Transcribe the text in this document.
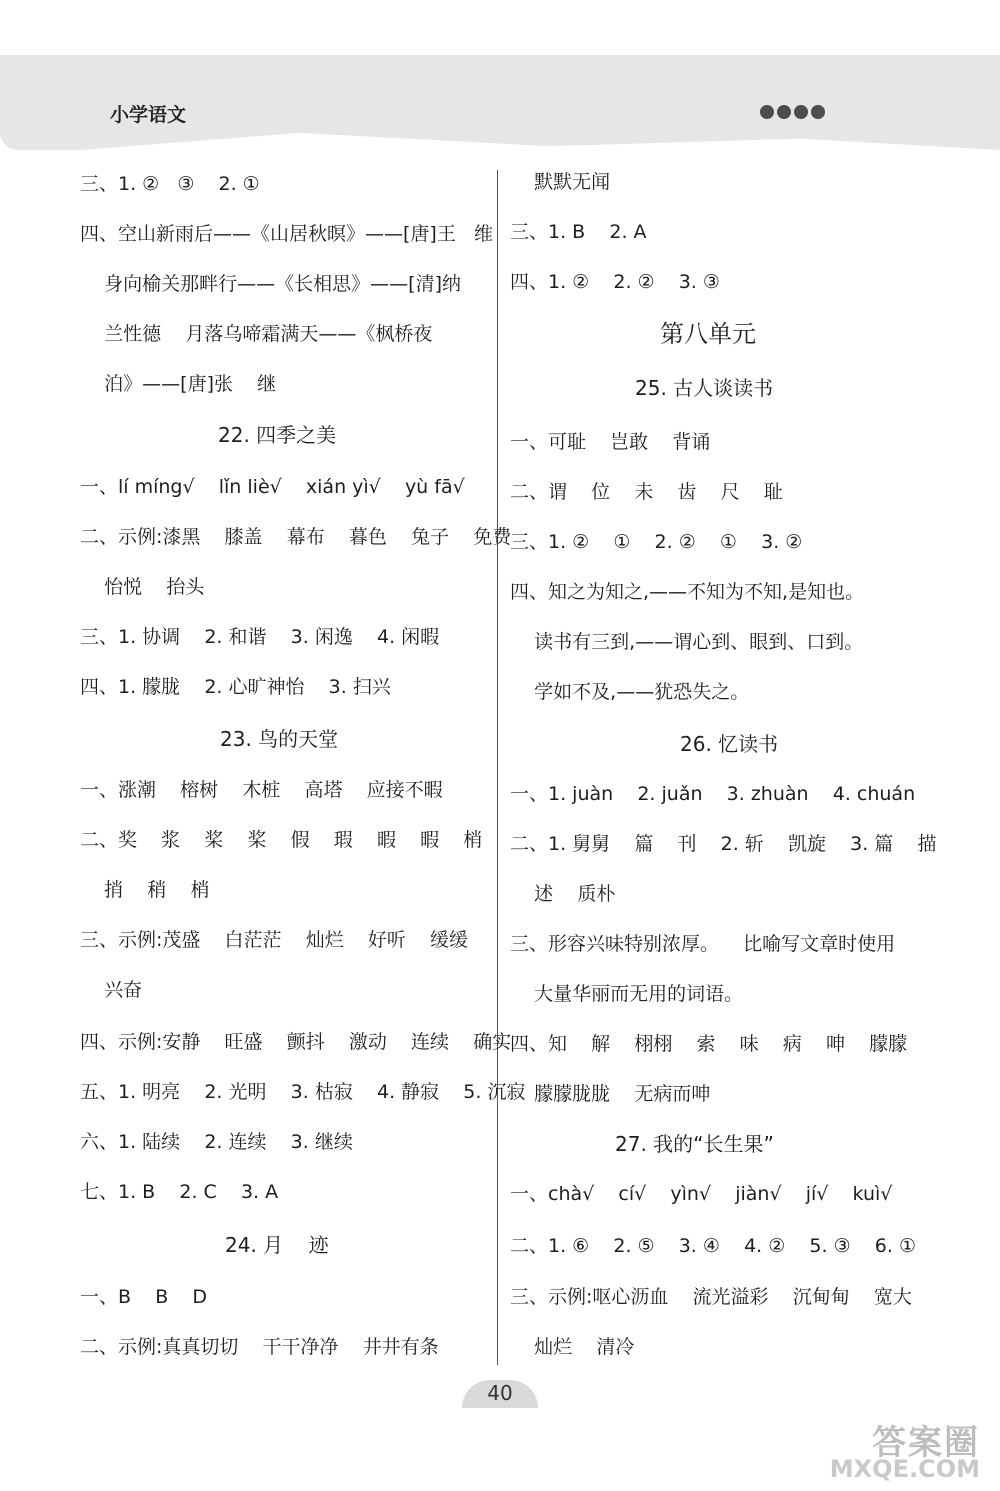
小学语文
三、1. ②   ③    2. ①
四、空山新雨后——《山居秋暝》——[唐]王   维
身向榆关那畔行——《长相思》——[清]纳
兰性德    月落乌啼霜满天——《枫桥夜
泊》——[唐]张    继
22. 四季之美
一、lí míng√    lǐn liè√    xián yì√    yù fā√
二、示例:漆黑    膝盖    幕布    暮色    兔子    免费
怡悦    抬头
三、1. 协调    2. 和谐    3. 闲逸    4. 闲暇
四、1. 朦胧    2. 心旷神怡    3. 扫兴
23. 鸟的天堂
一、涨潮    榕树    木桩    高塔    应接不暇
二、奖    浆    桨    桨    假    瑕    暇    暇    梢
捎    稍    梢
三、示例:茂盛    白茫茫    灿烂    好听    缓缓
兴奋
四、示例:安静    旺盛    颤抖    激动    连续    确实
五、1. 明亮    2. 光明    3. 枯寂    4. 静寂    5. 沉寂
六、1. 陆续    2. 连续    3. 继续
七、1. B    2. C    3. A
24. 月    迹
一、B    B    D
二、示例:真真切切    干干净净    井井有条
默默无闻
三、1. B    2. A
四、1. ②    2. ②    3. ③
第八单元
25. 古人谈读书
一、可耻    岂敢    背诵
二、谓    位    未    齿    尺    耻
三、1. ②    ①    2. ②    ①    3. ②
四、知之为知之,——不知为不知,是知也。
读书有三到,——谓心到、眼到、口到。
学如不及,——犹恐失之。
26. 忆读书
一、1. juàn    2. juǎn    3. zhuàn    4. chuán
二、1. 舅舅    篇    刊    2. 斩    凯旋    3. 篇    描
述    质朴
三、形容兴味特别浓厚。    比喻写文章时使用
大量华丽而无用的词语。
四、知    解    栩栩    索    味    病    呻    朦朦
朦朦胧胧    无病而呻
27. 我的“长生果”
一、chà√    cí√    yìn√    jiàn√    jí√    kuì√
二、1. ⑥    2. ⑤    3. ④    4. ②    5. ③    6. ①
三、示例:呕心沥血    流光溢彩    沉甸甸    宽大
灿烂    清冷
40
答案圈
MXQE.COM
